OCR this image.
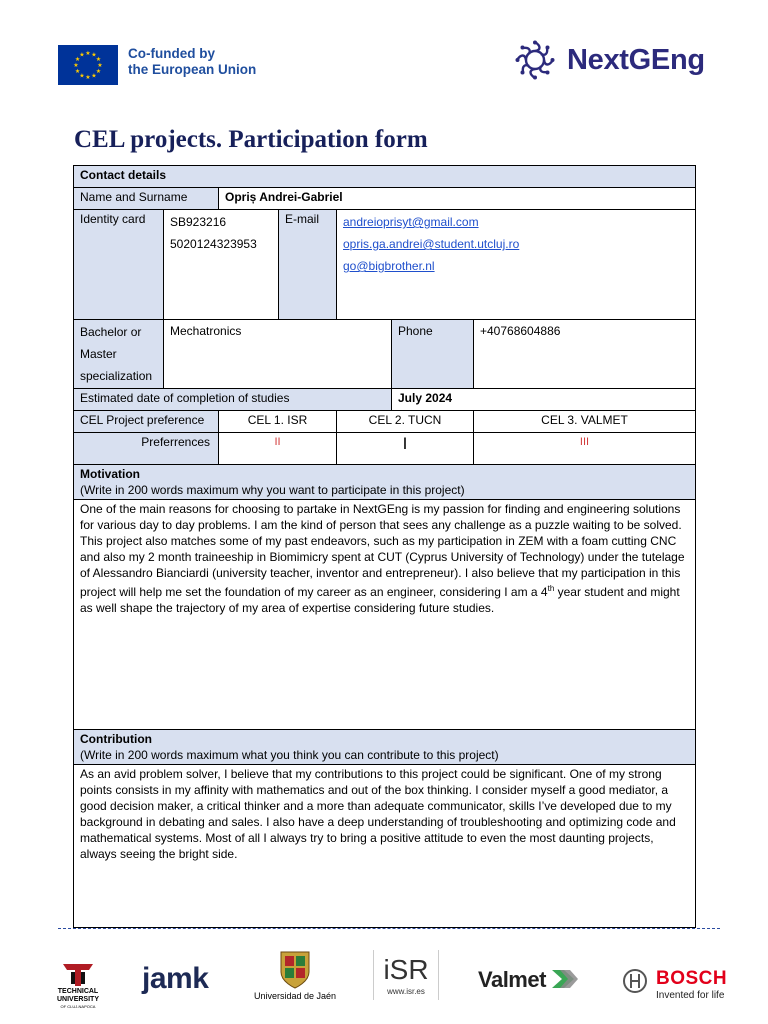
★ ★
★
★
★
★
★
★
★
★
★
★	Co-funded by
the European Union	NextGEng
CEL projects. Participation form
Contact details						
Name and Surname		Opriș Andrei-Gabriel				
Identity card	SB923216
5020124323953		E-mail	andreioprisyt@gmail.com
opris.ga.andrei@student.utcluj.ro
go@bigbrother.nl		

Bachelor or Master
specialization	Mechatronics				Phone	+40768604886
Estimated date of completion of studies					July 2024	
CEL Project preference		CEL 1. ISR		CEL 2. TUCN		CEL 3. VALMET
Preferrences		II		I		III

Motivation
(Write in 200 words maximum why you want to participate in this project)						

One of the main reasons for choosing to partake in NextGEng is my passion for finding and engineering solutions for various day to day problems. I am the kind of person that sees any challenge as a puzzle waiting to be solved. This project also matches some of my past endeavors, such as my participation in ZEM with a foam cutting CNC and also my 2 month traineeship in Biomimicry spent at CUT (Cyprus University of Technology) under the tutelage of Alessandro Bianciardi (university teacher, inventor and entrepreneur). I also believe that my participation in this project will help me set the foundation of my career as an engineer, considering I am a 4th year student and might as well shape the trajectory of my area of expertise considering future studies.						

Contribution
(Write in 200 words maximum what you think you can contribute to this project)						

As an avid problem solver, I believe that my contributions to this project could be significant. One of my strong points consists in my affinity with mathematics and out of the box thinking. I consider myself a good mediator, a good decision maker, a critical thinker and a more than adequate communicator, skills I’ve developed due to my background in debating and sales. I also have a deep understanding of troubleshooting and optimizing code and mathematical systems. Most of all I always try to bring a positive attitude to even the most daunting projects, always seeing the bright side.						
TECHNICAL
UNIVERSITY
OF CLUJ-NAPOCA
jamk
Universidad de Jaén
iSR
www.isr.es	Valmet	BOSCH
Invented for life
